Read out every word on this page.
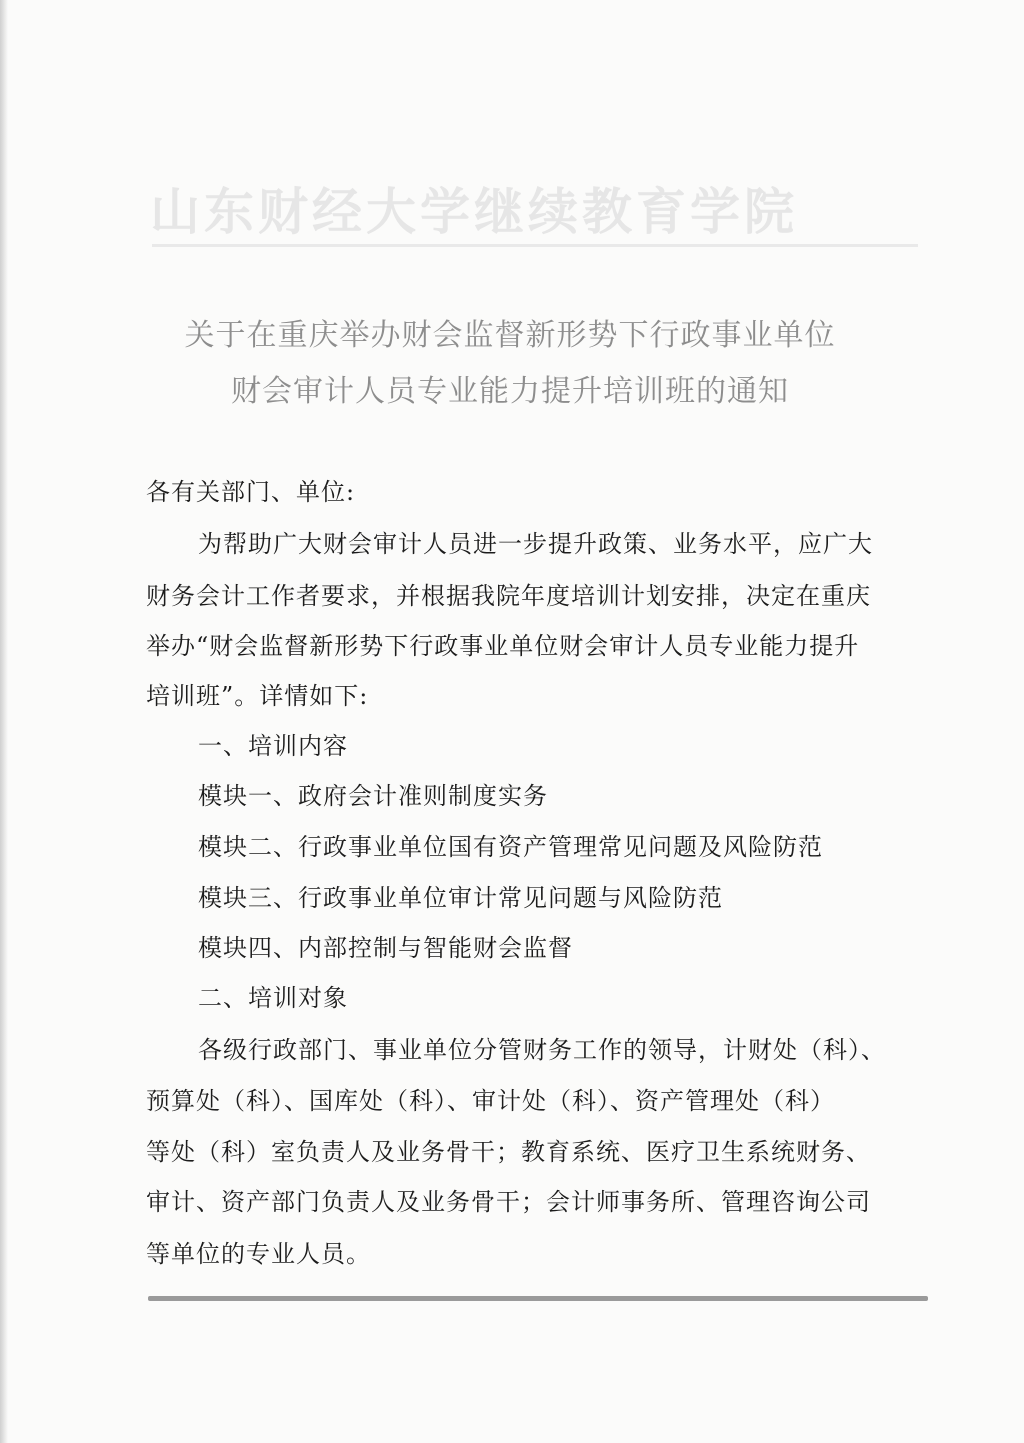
山东财经大学继续教育学院
关于在重庆举办财会监督新形势下行政事业单位
财会审计人员专业能力提升培训班的通知
各有关部门、单位:
为帮助广大财会审计人员进一步提升政策、业务水平，应广大
财务会计工作者要求，并根据我院年度培训计划安排，决定在重庆
举办“财会监督新形势下行政事业单位财会审计人员专业能力提升
培训班”。详情如下:
一、培训内容
模块一、政府会计准则制度实务
模块二、行政事业单位国有资产管理常见问题及风险防范
模块三、行政事业单位审计常见问题与风险防范
模块四、内部控制与智能财会监督
二、培训对象
各级行政部门、事业单位分管财务工作的领导，计财处（科）、
预算处（科）、国库处（科）、审计处（科）、资产管理处（科）
等处（科）室负责人及业务骨干；教育系统、医疗卫生系统财务、
审计、资产部门负责人及业务骨干；会计师事务所、管理咨询公司
等单位的专业人员。
